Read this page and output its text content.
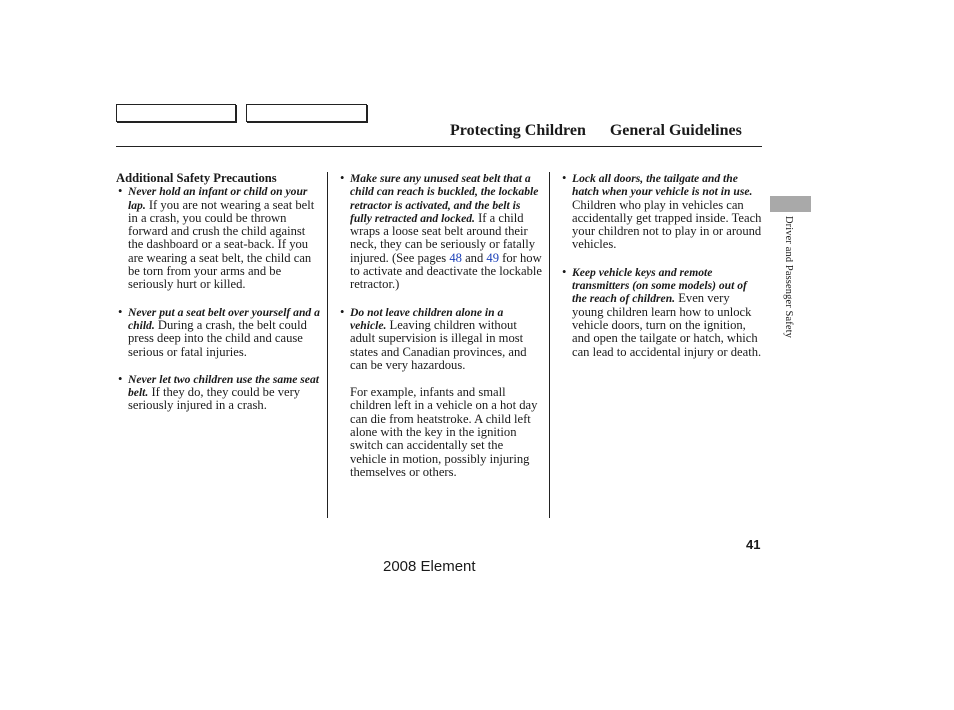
Protecting Children General Guidelines
Driver and Passenger Safety
Additional Safety Precautions

• Never hold an infant or child on your lap. If you are not wearing a seat belt in a crash, you could be thrown forward and crush the child against the dashboard or a seat-back. If you are wearing a seat belt, the child can be torn from your arms and be seriously hurt or killed.

• Never put a seat belt over yourself and a child. During a crash, the belt could press deep into the child and cause serious or fatal injuries.

• Never let two children use the same seat belt. If they do, they could be very seriously injured in a crash.

• Make sure any unused seat belt that a child can reach is buckled, the lockable retractor is activated, and the belt is fully retracted and locked. If a child wraps a loose seat belt around their neck, they can be seriously or fatally injured. (See pages 48 and 49 for how to activate and deactivate the lockable retractor.)

• Do not leave children alone in a vehicle. Leaving children without adult supervision is illegal in most states and Canadian provinces, and can be very hazardous.

For example, infants and small children left in a vehicle on a hot day can die from heatstroke. A child left alone with the key in the ignition switch can accidentally set the vehicle in motion, possibly injuring themselves or others.

• Lock all doors, the tailgate and the hatch when your vehicle is not in use. Children who play in vehicles can accidentally get trapped inside. Teach your children not to play in or around vehicles.

• Keep vehicle keys and remote transmitters (on some models) out of the reach of children. Even very young children learn how to unlock vehicle doors, turn on the ignition, and open the tailgate or hatch, which can lead to accidental injury or death.

41
2008 Element
